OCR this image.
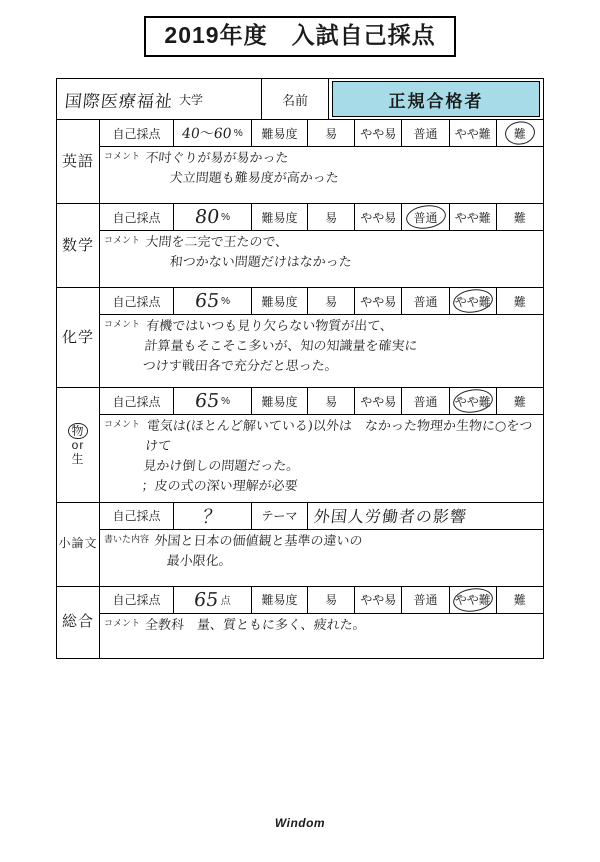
2019年度　入試自己採点
国際医療福祉 大学	名前	正規合格者
英語
自己採点	40〜60 %	難易度	易	やや易	普通	やや難	難
コメント 不吋ぐりが易が易かった
犬立問題も難易度が高かった
数学
自己採点	80 %	難易度	易	やや易	普通	やや難	難
コメント 大問を二完で王たので、
和つかない問題だけはなかった
化学
自己採点	65 %	難易度	易	やや易	普通	やや難	難
コメント 有機ではいつも見り欠らない物質が出て、
計算量もそこそこ多いが、知の知識量を確実に
つけす戦田各で充分だと思った。
物
or
生
自己採点	65 %	難易度	易	やや易	普通	やや難	難
コメント 電気は(ほとんど解いている)以外は　なかった物理か生物に○をつけて
見かけ倒しの問題だった。
；皮の式の深い理解が必要
小論文
自己採点	？	テーマ 外国人労働者の影響
書いた内容 外国と日本の価値観と基準の違いの
最小限化。
総合
自己採点	65 点	難易度	易	やや易	普通	やや難	難
コメント 全教科　量、質ともに多く、疲れた。
Windom
